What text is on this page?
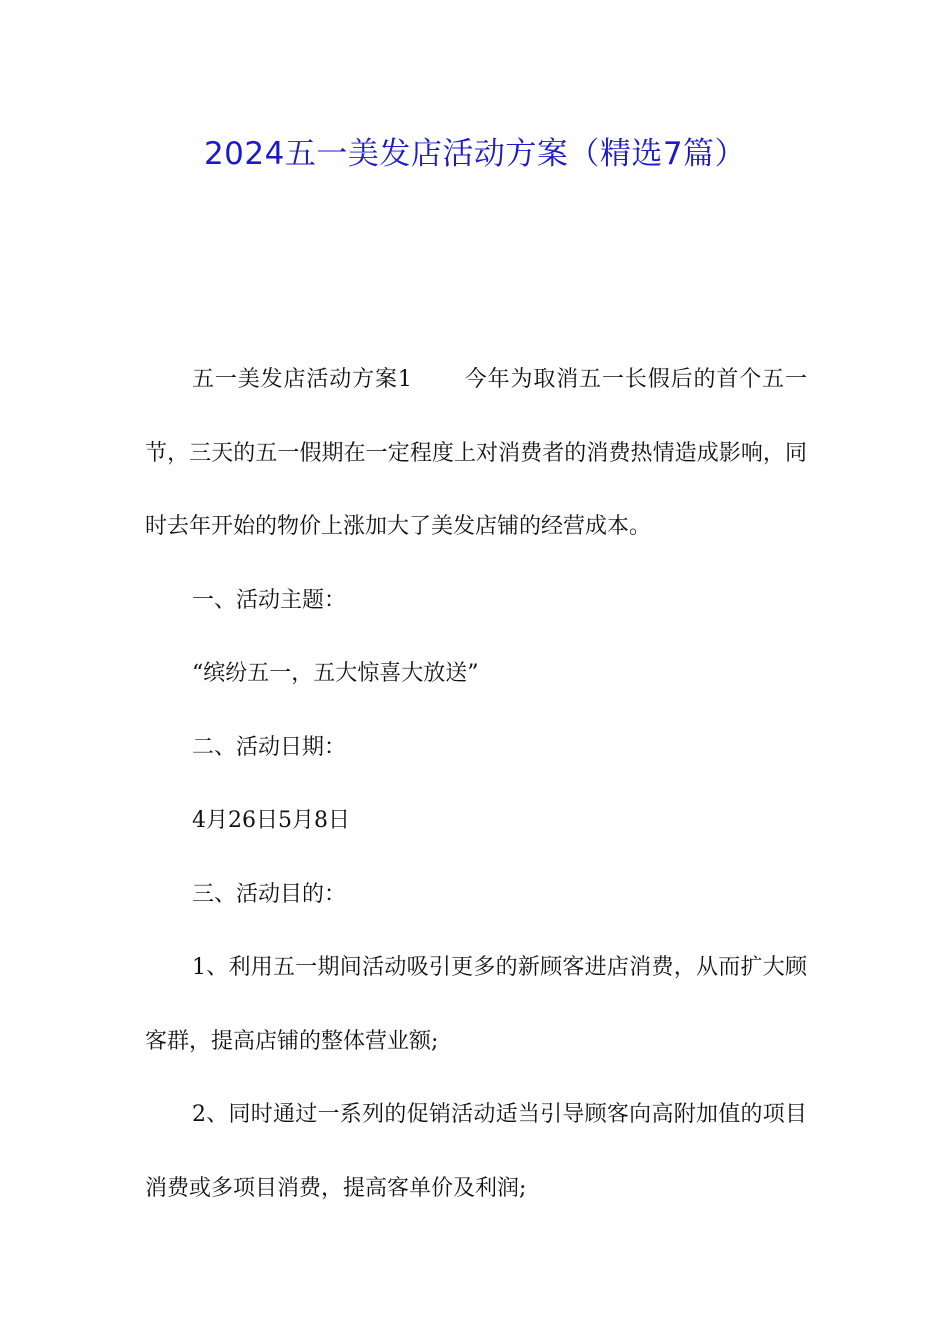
2024五一美发店活动方案（精选7篇）

五一美发店活动方案1 今年为取消五一长假后的首个五一节，三天的五一假期在一定程度上对消费者的消费热情造成影响，同时去年开始的物价上涨加大了美发店铺的经营成本。

一、活动主题：

“缤纷五一，五大惊喜大放送”

二、活动日期：

4月26日5月8日

三、活动目的：

1、利用五一期间活动吸引更多的新顾客进店消费，从而扩大顾客群，提高店铺的整体营业额;

2、同时通过一系列的促销活动适当引导顾客向高附加值的项目消费或多项目消费，提高客单价及利润;
